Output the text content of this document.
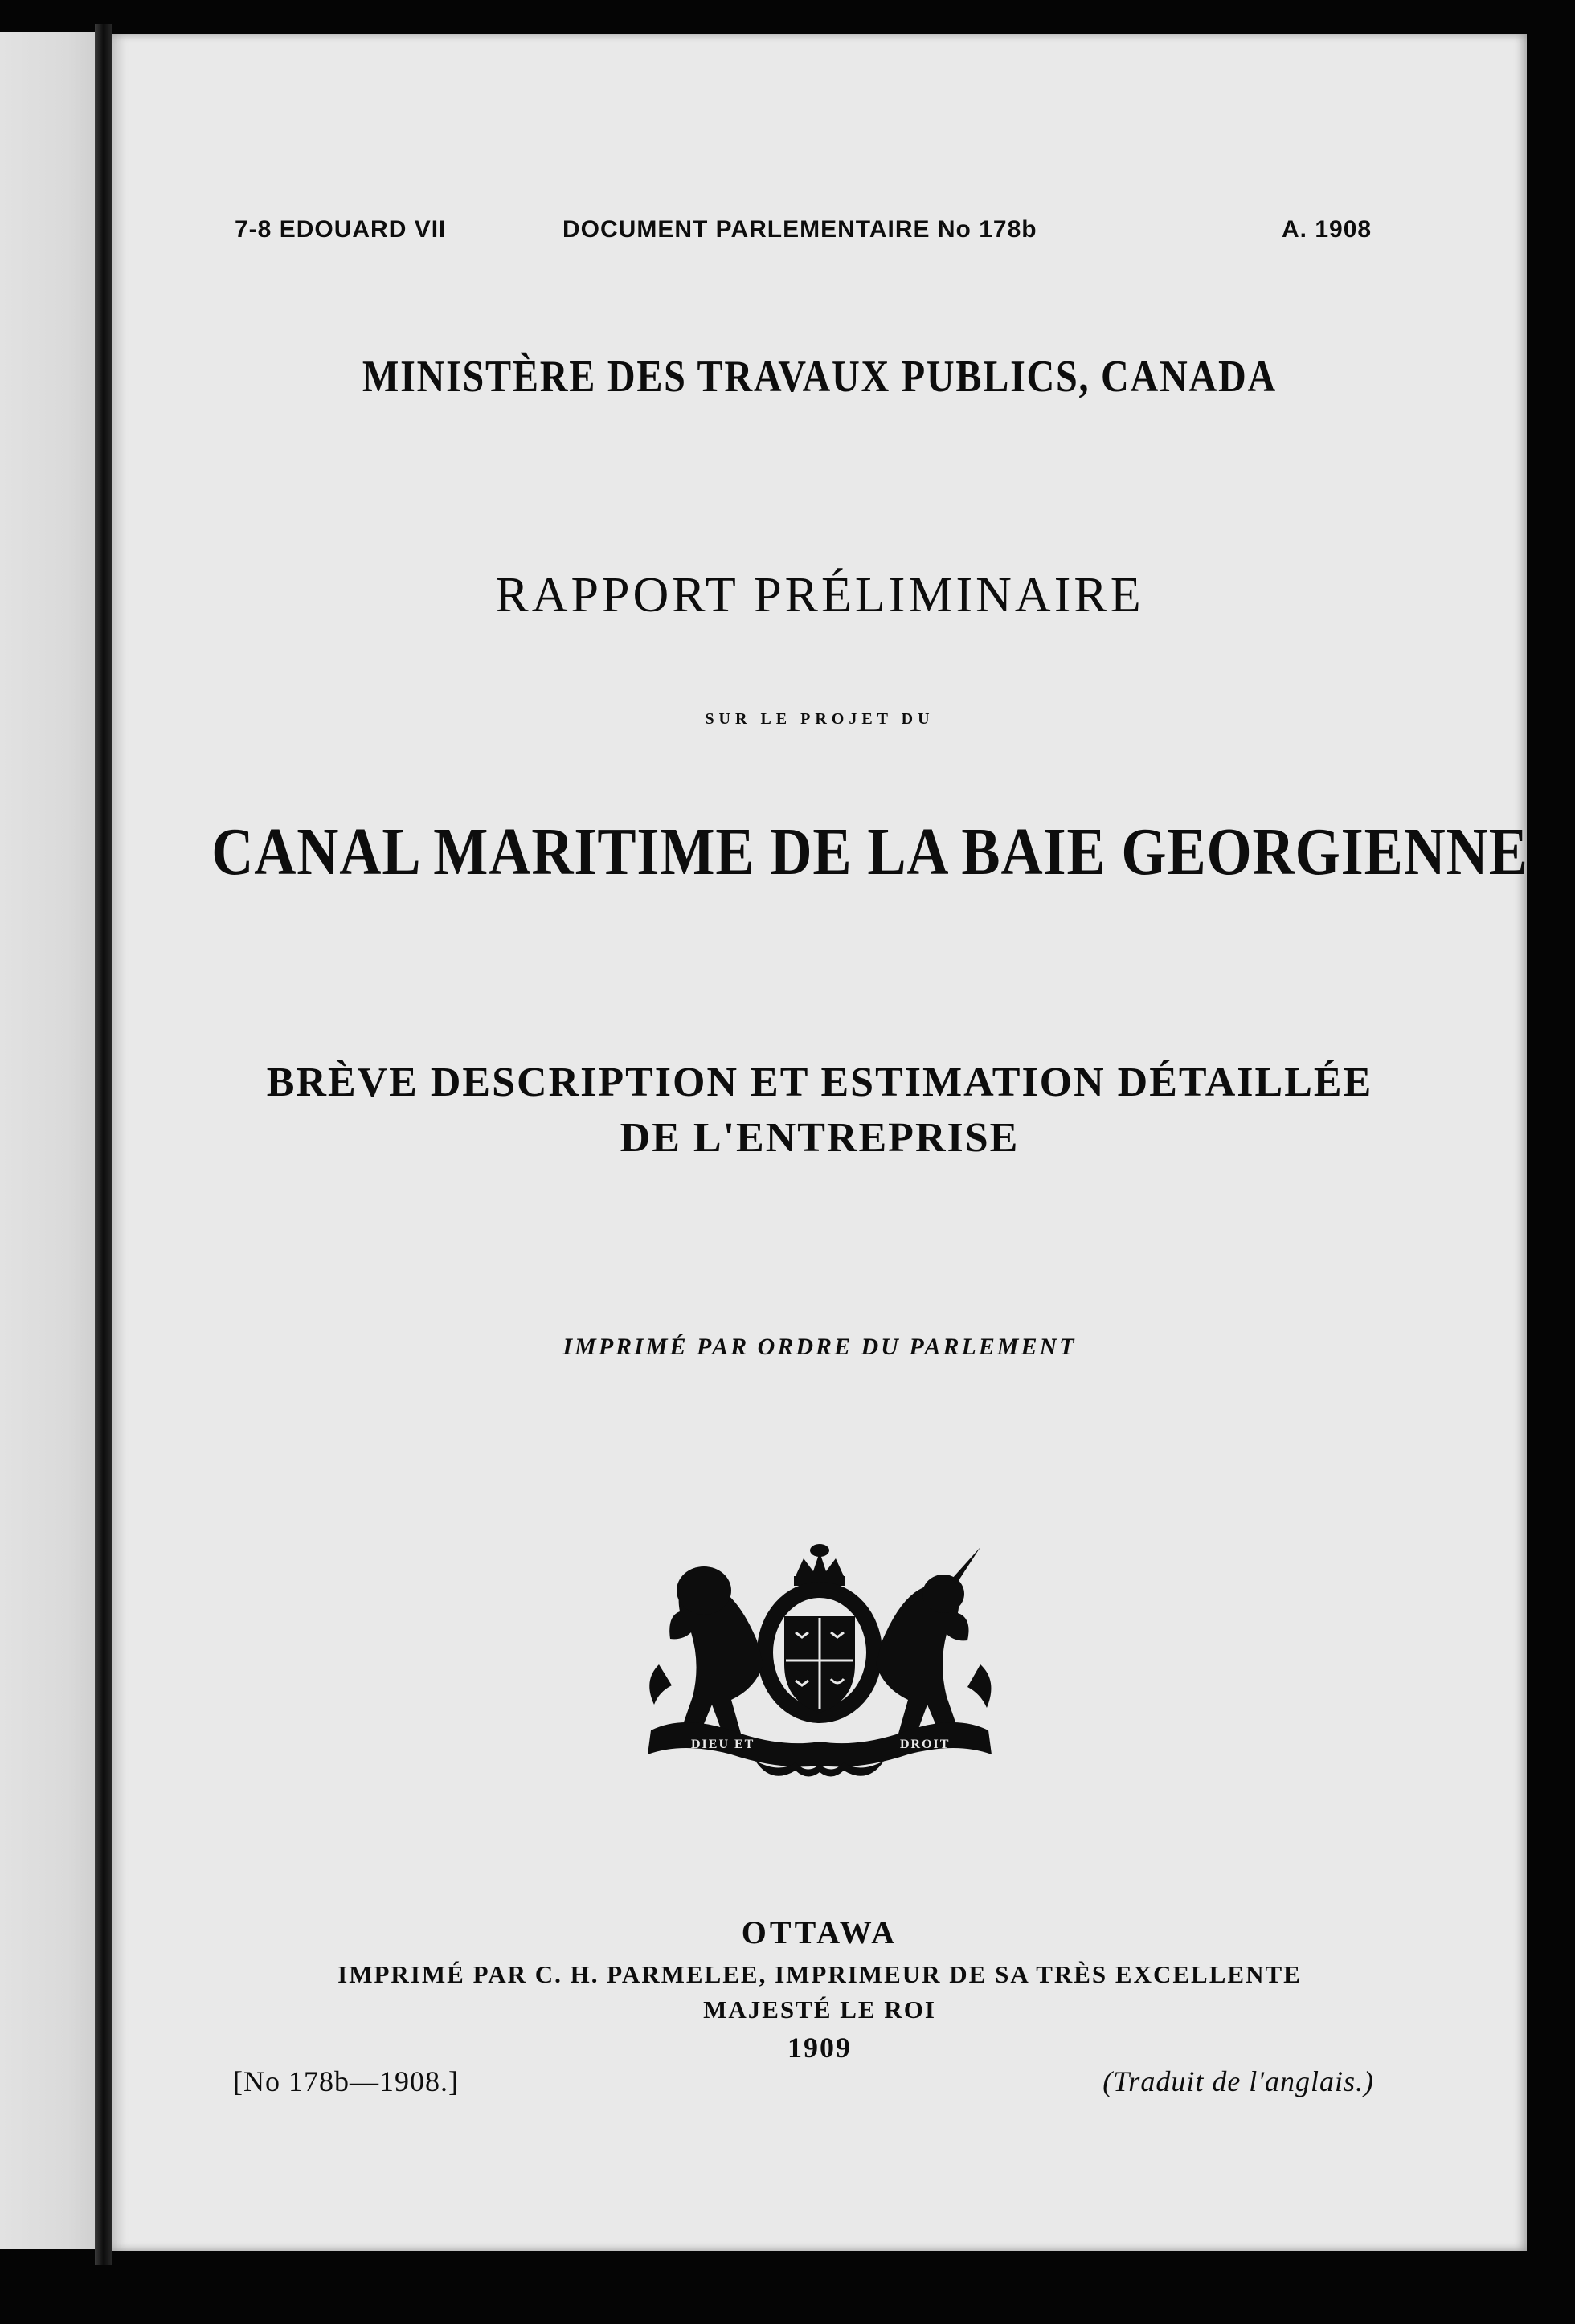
7-8 EDOUARD VII	DOCUMENT PARLEMENTAIRE No 178b	A. 1908
MINISTÈRE DES TRAVAUX PUBLICS, CANADA
RAPPORT PRÉLIMINAIRE
SUR LE PROJET DU
CANAL MARITIME DE LA BAIE GEORGIENNE
BRÈVE DESCRIPTION ET ESTIMATION DÉTAILLÉE
DE L'ENTREPRISE
IMPRIMÉ PAR ORDRE DU PARLEMENT
DIEU ET	DROIT
OTTAWA
IMPRIMÉ PAR C. H. PARMELEE, IMPRIMEUR DE SA TRÈS EXCELLENTE
MAJESTÉ LE ROI
1909
[No 178b—1908.]	(Traduit de l'anglais.)
